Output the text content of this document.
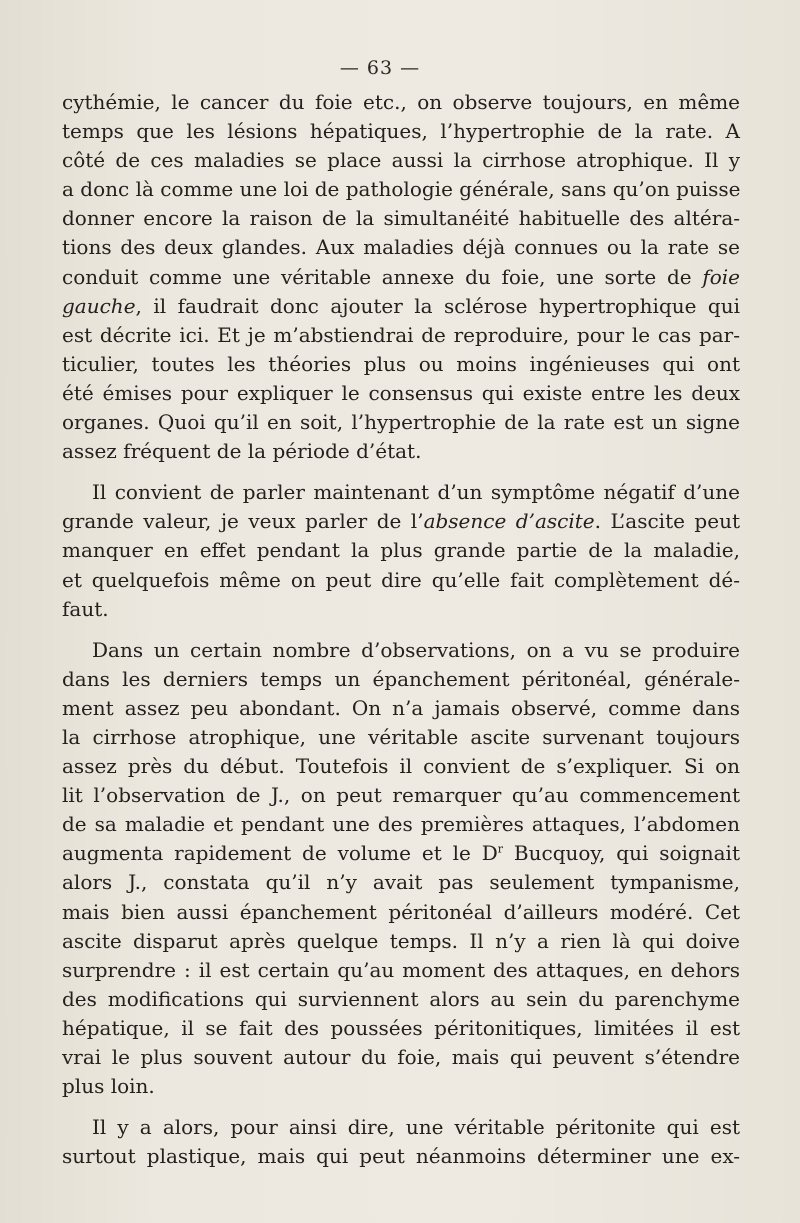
— 63 —
cythémie, le cancer du foie etc., on observe toujours, en même
temps que les lésions hépatiques, l’hypertrophie de la rate. A
côté de ces maladies se place aussi la cirrhose atrophique. Il y
a donc là comme une loi de pathologie générale, sans qu’on puisse
donner encore la raison de la simultanéité habituelle des altéra-
tions des deux glandes. Aux maladies déjà connues ou la rate se
conduit comme une véritable annexe du foie, une sorte de foie
gauche, il faudrait donc ajouter la sclérose hypertrophique qui
est décrite ici. Et je m’abstiendrai de reproduire, pour le cas par-
ticulier, toutes les théories plus ou moins ingénieuses qui ont
été émises pour expliquer le consensus qui existe entre les deux
organes. Quoi qu’il en soit, l’hypertrophie de la rate est un signe
assez fréquent de la période d’état.
Il convient de parler maintenant d’un symptôme négatif d’une
grande valeur, je veux parler de l’absence d’ascite. L’ascite peut
manquer en effet pendant la plus grande partie de la maladie,
et quelquefois même on peut dire qu’elle fait complètement dé-
faut.
Dans un certain nombre d’observations, on a vu se produire
dans les derniers temps un épanchement péritonéal, générale-
ment assez peu abondant. On n’a jamais observé, comme dans
la cirrhose atrophique, une véritable ascite survenant toujours
assez près du début. Toutefois il convient de s’expliquer. Si on
lit l’observation de J., on peut remarquer qu’au commencement
de sa maladie et pendant une des premières attaques, l’abdomen
augmenta rapidement de volume et le $D^r$ Bucquoy, qui soignait
alors J., constata qu’il n’y avait pas seulement tympanisme,
mais bien aussi épanchement péritonéal d’ailleurs modéré. Cet
ascite disparut après quelque temps. Il n’y a rien là qui doive
surprendre : il est certain qu’au moment des attaques, en dehors
des modifications qui surviennent alors au sein du parenchyme
hépatique, il se fait des poussées péritonitiques, limitées il est
vrai le plus souvent autour du foie, mais qui peuvent s’étendre
plus loin.
Il y a alors, pour ainsi dire, une véritable péritonite qui est
surtout plastique, mais qui peut néanmoins déterminer une ex-
